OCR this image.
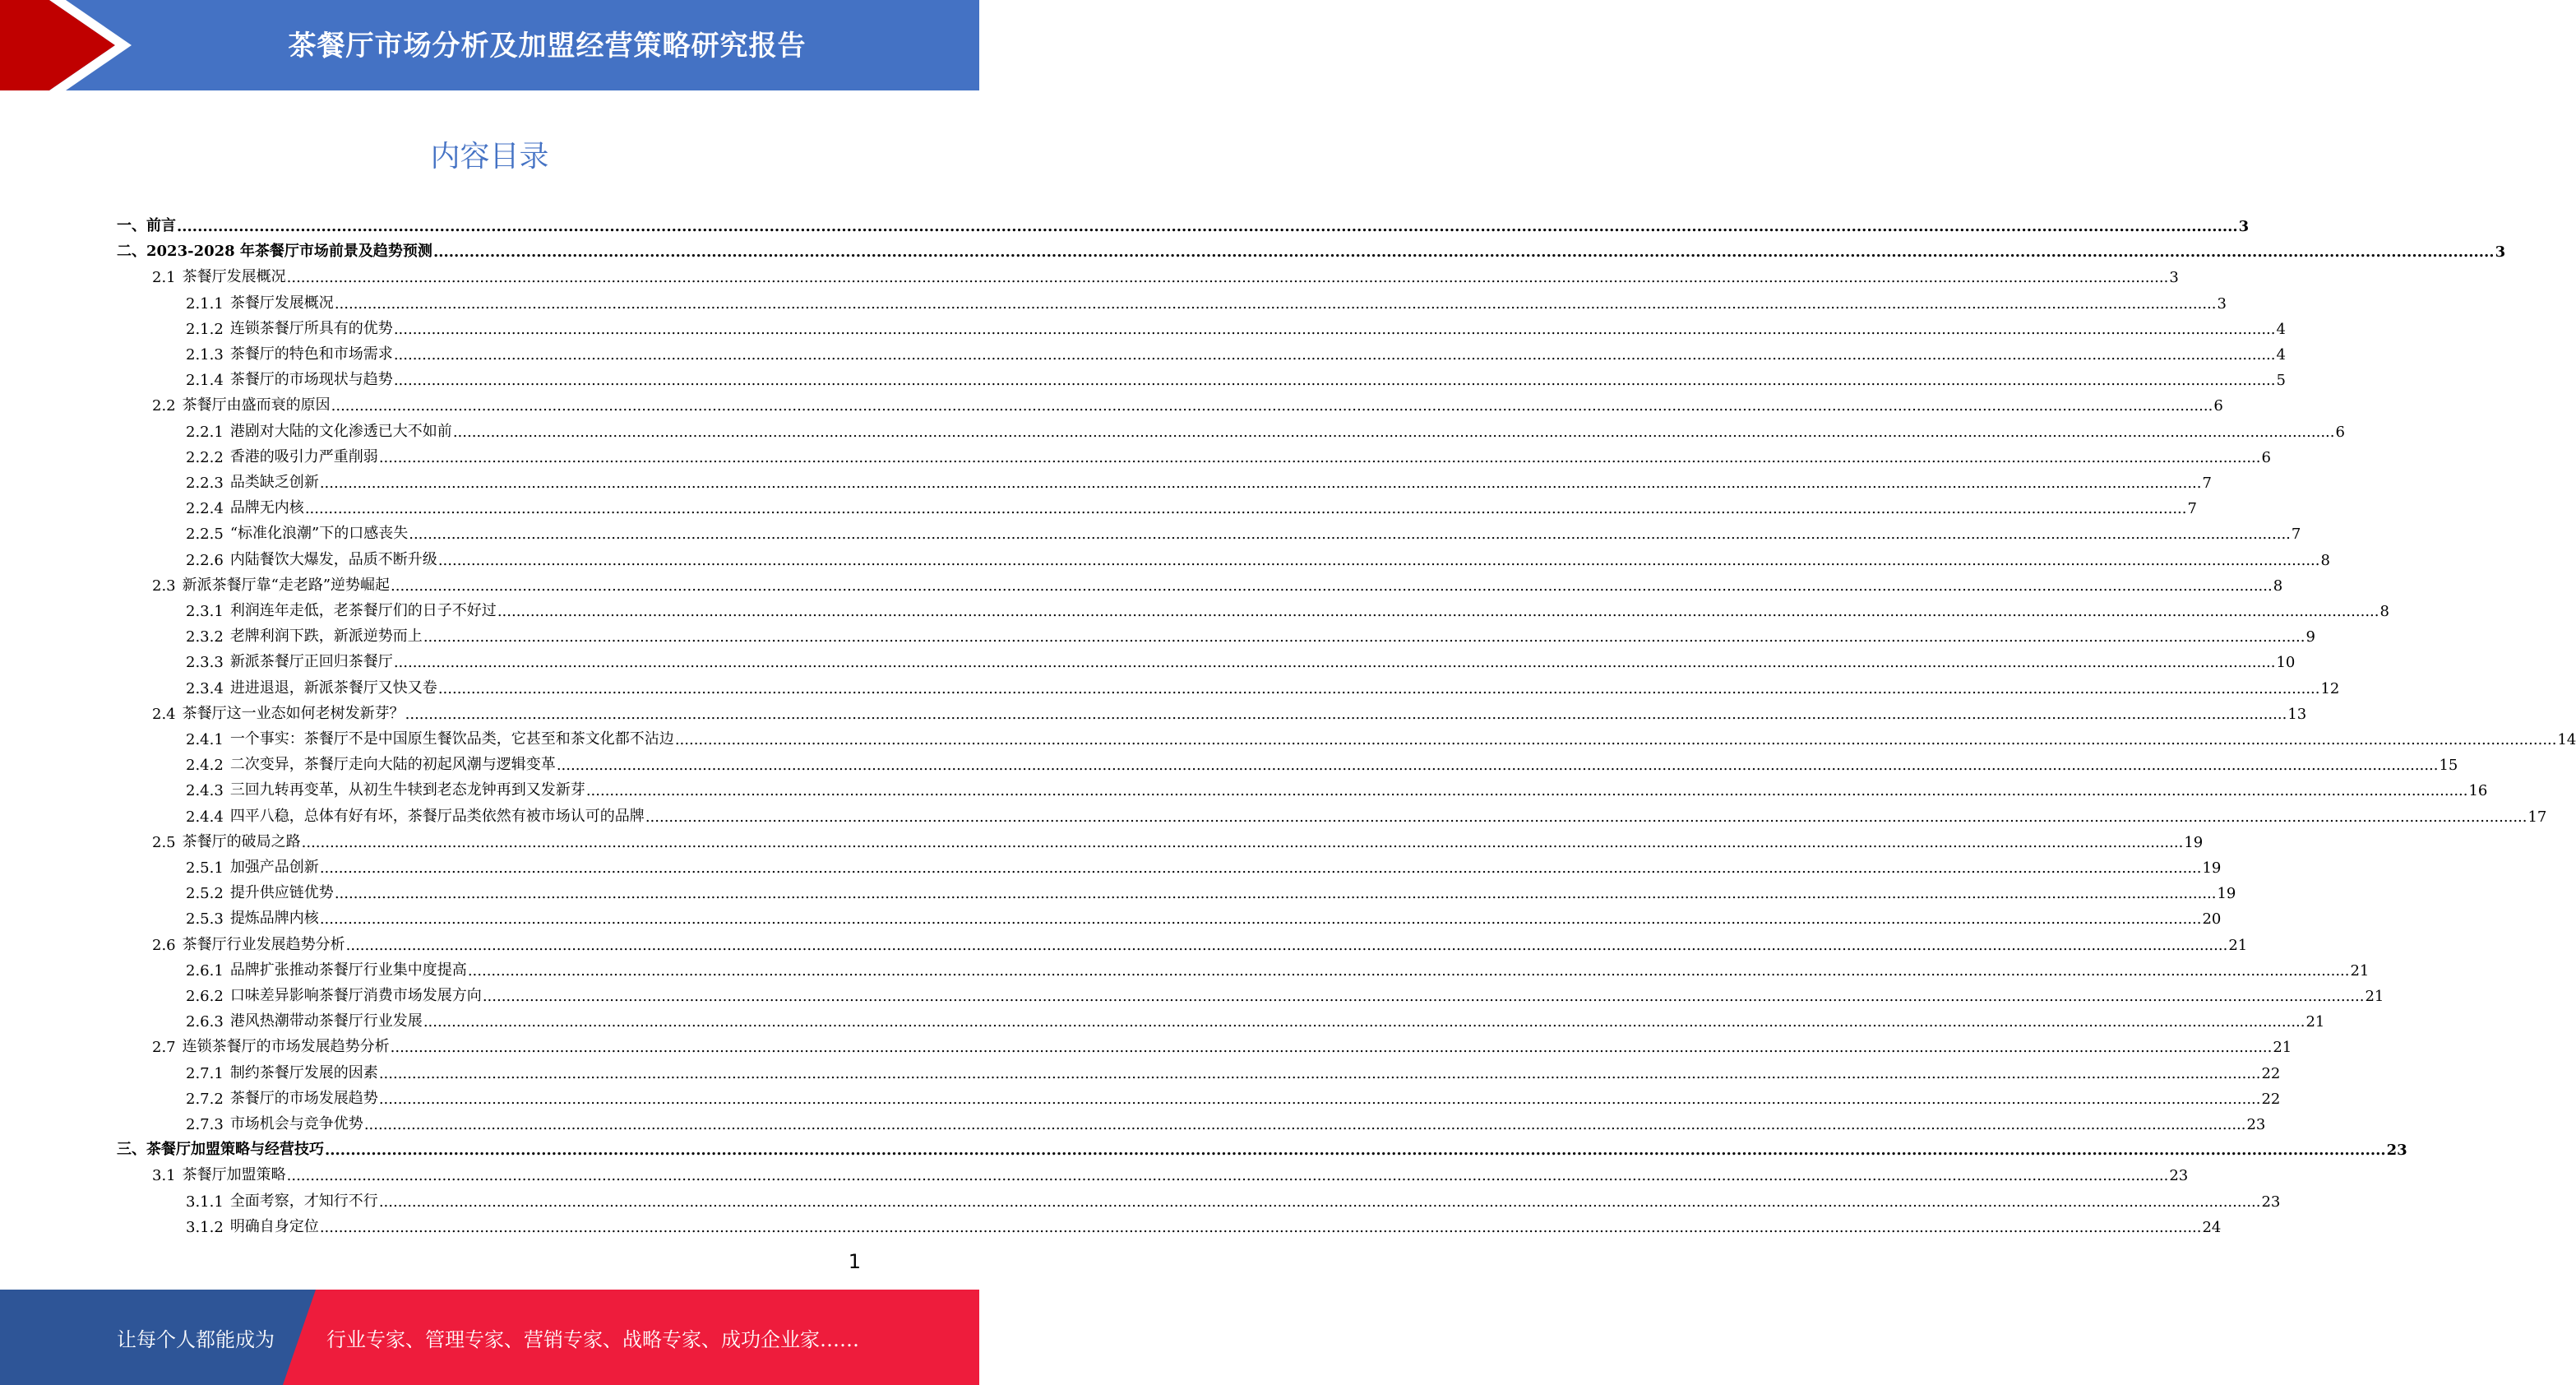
茶餐厅市场分析及加盟经营策略研究报告
内容目录
一、 前言 ................................................................................................................................................................................................................................................................................................................................................................................................................ 3
二、 2023-2028 年茶餐厅市场前景及趋势预测 ................................................................................................................................................................................................................................................................................................................................................................................................................ 3
2.1 茶餐厅发展概况 ................................................................................................................................................................................................................................................................................................................................................................................................................ 3
2.1.1 茶餐厅发展概况 ................................................................................................................................................................................................................................................................................................................................................................................................................ 3
2.1.2 连锁茶餐厅所具有的优势 ................................................................................................................................................................................................................................................................................................................................................................................................................ 4
2.1.3 茶餐厅的特色和市场需求 ................................................................................................................................................................................................................................................................................................................................................................................................................ 4
2.1.4 茶餐厅的市场现状与趋势 ................................................................................................................................................................................................................................................................................................................................................................................................................ 5
2.2 茶餐厅由盛而衰的原因 ................................................................................................................................................................................................................................................................................................................................................................................................................ 6
2.2.1 港剧对大陆的文化渗透已大不如前 ................................................................................................................................................................................................................................................................................................................................................................................................................ 6
2.2.2 香港的吸引力严重削弱 ................................................................................................................................................................................................................................................................................................................................................................................................................ 6
2.2.3 品类缺乏创新 ................................................................................................................................................................................................................................................................................................................................................................................................................ 7
2.2.4 品牌无内核 ................................................................................................................................................................................................................................................................................................................................................................................................................ 7
2.2.5 “标准化浪潮”下的口感丧失 ................................................................................................................................................................................................................................................................................................................................................................................................................ 7
2.2.6 内陆餐饮大爆发，品质不断升级 ................................................................................................................................................................................................................................................................................................................................................................................................................ 8
2.3 新派茶餐厅靠“走老路”逆势崛起 ................................................................................................................................................................................................................................................................................................................................................................................................................ 8
2.3.1 利润连年走低，老茶餐厅们的日子不好过 ................................................................................................................................................................................................................................................................................................................................................................................................................ 8
2.3.2 老牌利润下跌，新派逆势而上 ................................................................................................................................................................................................................................................................................................................................................................................................................ 9
2.3.3 新派茶餐厅正回归茶餐厅 ................................................................................................................................................................................................................................................................................................................................................................................................................ 10
2.3.4 进进退退，新派茶餐厅又快又卷 ................................................................................................................................................................................................................................................................................................................................................................................................................ 12
2.4 茶餐厅这一业态如何老树发新芽？ ................................................................................................................................................................................................................................................................................................................................................................................................................ 13
2.4.1 一个事实：茶餐厅不是中国原生餐饮品类，它甚至和茶文化都不沾边 ................................................................................................................................................................................................................................................................................................................................................................................................................ 14
2.4.2 二次变异，茶餐厅走向大陆的初起风潮与逻辑变革 ................................................................................................................................................................................................................................................................................................................................................................................................................ 15
2.4.3 三回九转再变革，从初生牛犊到老态龙钟再到又发新芽 ................................................................................................................................................................................................................................................................................................................................................................................................................ 16
2.4.4 四平八稳，总体有好有坏，茶餐厅品类依然有被市场认可的品牌 ................................................................................................................................................................................................................................................................................................................................................................................................................ 17
2.5 茶餐厅的破局之路 ................................................................................................................................................................................................................................................................................................................................................................................................................ 19
2.5.1 加强产品创新 ................................................................................................................................................................................................................................................................................................................................................................................................................ 19
2.5.2 提升供应链优势 ................................................................................................................................................................................................................................................................................................................................................................................................................ 19
2.5.3 提炼品牌内核 ................................................................................................................................................................................................................................................................................................................................................................................................................ 20
2.6 茶餐厅行业发展趋势分析 ................................................................................................................................................................................................................................................................................................................................................................................................................ 21
2.6.1 品牌扩张推动茶餐厅行业集中度提高 ................................................................................................................................................................................................................................................................................................................................................................................................................ 21
2.6.2 口味差异影响茶餐厅消费市场发展方向 ................................................................................................................................................................................................................................................................................................................................................................................................................ 21
2.6.3 港风热潮带动茶餐厅行业发展 ................................................................................................................................................................................................................................................................................................................................................................................................................ 21
2.7 连锁茶餐厅的市场发展趋势分析 ................................................................................................................................................................................................................................................................................................................................................................................................................ 21
2.7.1 制约茶餐厅发展的因素 ................................................................................................................................................................................................................................................................................................................................................................................................................ 22
2.7.2 茶餐厅的市场发展趋势 ................................................................................................................................................................................................................................................................................................................................................................................................................ 22
2.7.3 市场机会与竞争优势 ................................................................................................................................................................................................................................................................................................................................................................................................................ 23
三、 茶餐厅加盟策略与经营技巧 ................................................................................................................................................................................................................................................................................................................................................................................................................ 23
3.1 茶餐厅加盟策略 ................................................................................................................................................................................................................................................................................................................................................................................................................ 23
3.1.1 全面考察，才知行不行 ................................................................................................................................................................................................................................................................................................................................................................................................................ 23
3.1.2 明确自身定位 ................................................................................................................................................................................................................................................................................................................................................................................................................ 24
1
让每个人都能成为	行业专家、管理专家、营销专家、战略专家、成功企业家……
